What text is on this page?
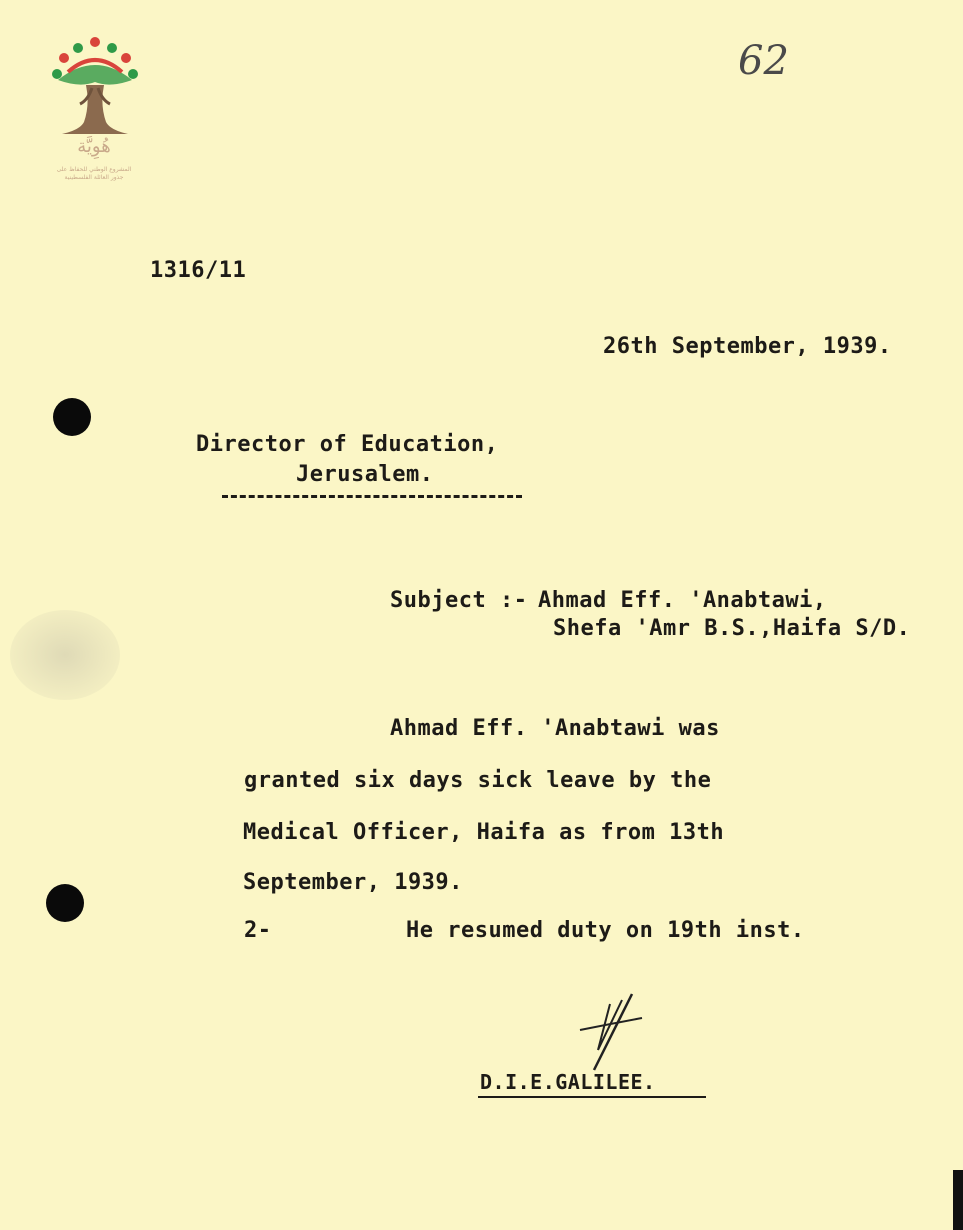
هُوِيَّة
المشروع الوطني للحفاظ على
جذور العائلة الفلسطينية
62
1316/11
26th September, 1939.
Director of Education,
Jerusalem.
Subject :- Ahmad Eff. 'Anabtawi,
Shefa 'Amr B.S.,Haifa S/D.
Ahmad Eff. 'Anabtawi was
granted six days sick leave by the
Medical Officer, Haifa as from 13th
September, 1939.
2-	He resumed duty on 19th inst.
D.I.E.GALILEE.
